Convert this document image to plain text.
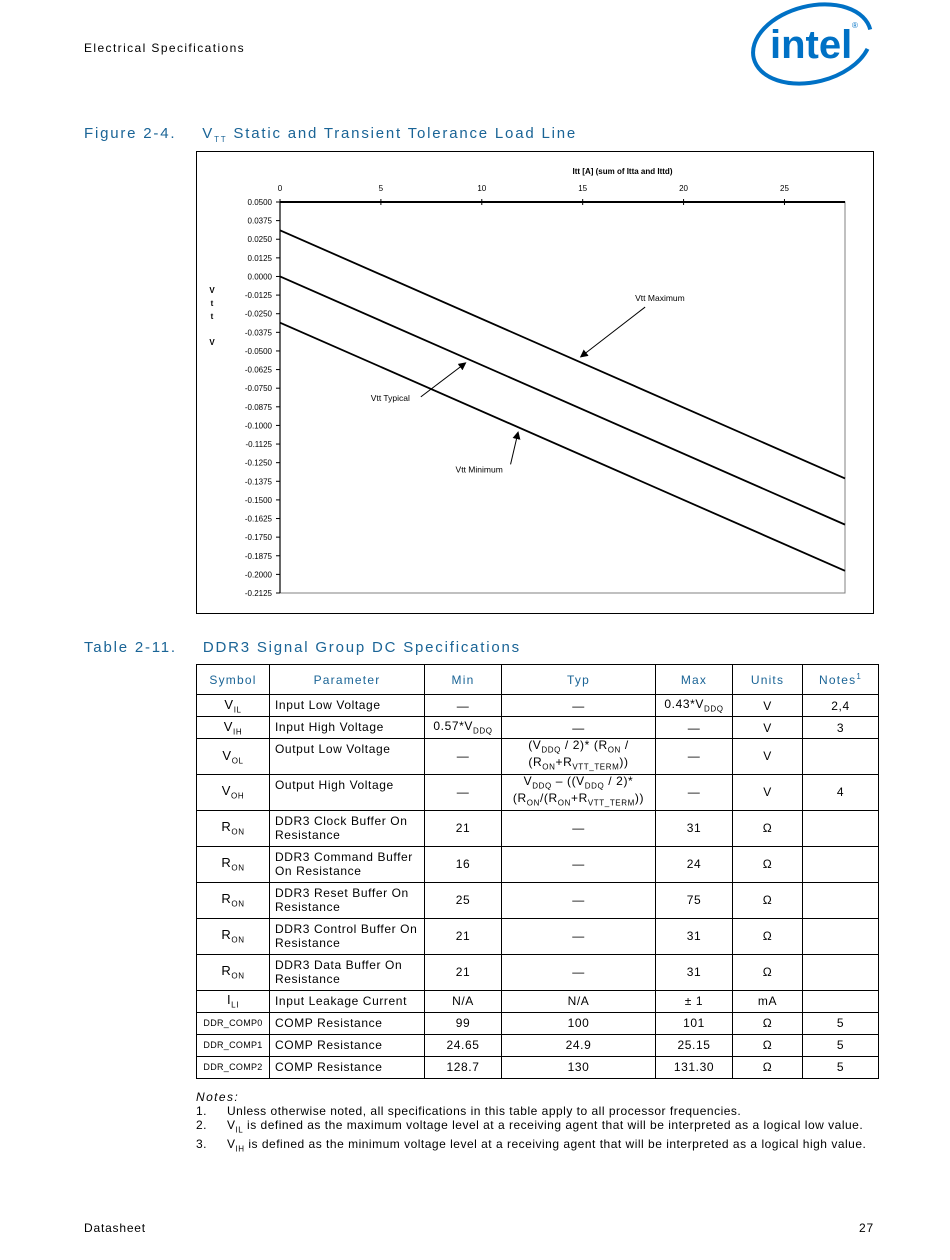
Electrical Specifications	intel ®
Figure 2-4. $V_{TT}$ Static and Transient Tolerance Load Line
Itt [A] (sum of Itta and Ittd)
0	5	10	15	20	25
0.0500
0.0375
0.0250
0.0125
0.0000
-0.0125
-0.0250
-0.0375
-0.0500
-0.0625
-0.0750
-0.0875
-0.1000
-0.1125
-0.1250
-0.1375
-0.1500
-0.1625
-0.1750
-0.1875
-0.2000
-0.2125
V
t
t
V
Vtt Maximum
Vtt Typical
Vtt Minimum
Table 2-11. DDR3 Signal Group DC Specifications
Symbol	Parameter	Min	Typ	Max	Units	Notes$^1$
$V_{IL}$	Input Low Voltage	—	—	$0.43*V_{DDQ}$	V	2,4
$V_{IH}$	Input High Voltage	$0.57*V_{DDQ}$	—	—	V	3
$V_{OL}$	Output Low Voltage	—	$(V_{DDQ} / 2)*$ ($R_{ON}$ /
$(R_{ON}+R_{VTT\_TERM})$)	—	V	
$V_{OH}$	Output High Voltage	—	$V_{DDQ} - ((V_{DDQ} / 2)*$
$(R_{ON}/(R_{ON}+R_{VTT\_TERM}))$	—	V	4
$R_{ON}$	DDR3 Clock Buffer On Resistance	21	—	31	Ω	
$R_{ON}$	DDR3 Command Buffer On Resistance	16	—	24	Ω	
$R_{ON}$	DDR3 Reset Buffer On Resistance	25	—	75	Ω	
$R_{ON}$	DDR3 Control Buffer On Resistance	21	—	31	Ω	
$R_{ON}$	DDR3 Data Buffer On Resistance	21	—	31	Ω	
$I_{LI}$	Input Leakage Current	N/A	N/A	± 1	mA	
DDR_COMP0	COMP Resistance	99	100	101	Ω	5
DDR_COMP1	COMP Resistance	24.65	24.9	25.15	Ω	5
DDR_COMP2	COMP Resistance	128.7	130	131.30	Ω	5
Notes:
1. Unless otherwise noted, all specifications in this table apply to all processor frequencies.
2. $V_{IL}$ is defined as the maximum voltage level at a receiving agent that will be interpreted as a logical low value.
3. $V_{IH}$ is defined as the minimum voltage level at a receiving agent that will be interpreted as a logical high value.
Datasheet	27
